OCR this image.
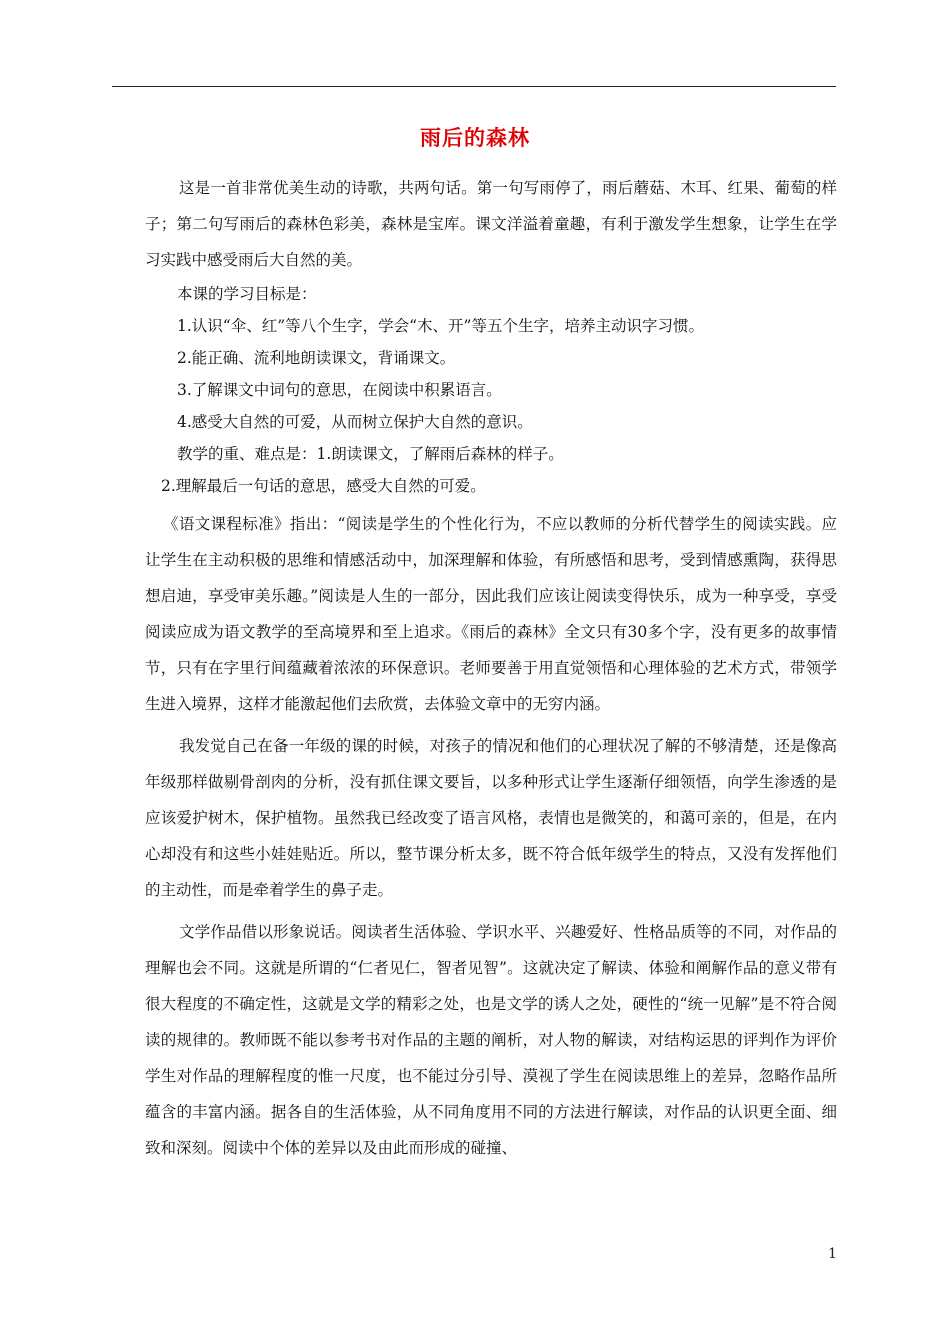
雨后的森林

这是一首非常优美生动的诗歌，共两句话。第一句写雨停了，雨后蘑菇、木耳、红果、葡萄的样子；第二句写雨后的森林色彩美，森林是宝库。课文洋溢着童趣，有利于激发学生想象，让学生在学习实践中感受雨后大自然的美。

本课的学习目标是：

1.认识“伞、红”等八个生字，学会“木、开”等五个生字，培养主动识字习惯。

2.能正确、流利地朗读课文，背诵课文。

3.了解课文中词句的意思，在阅读中积累语言。

4.感受大自然的可爱，从而树立保护大自然的意识。

教学的重、难点是：1.朗读课文，了解雨后森林的样子。

2.理解最后一句话的意思，感受大自然的可爱。

《语文课程标准》指出：“阅读是学生的个性化行为，不应以教师的分析代替学生的阅读实践。应让学生在主动积极的思维和情感活动中，加深理解和体验，有所感悟和思考，受到情感熏陶，获得思想启迪，享受审美乐趣。”阅读是人生的一部分，因此我们应该让阅读变得快乐，成为一种享受，享受阅读应成为语文教学的至高境界和至上追求。《雨后的森林》全文只有30多个字，没有更多的故事情节，只有在字里行间蕴藏着浓浓的环保意识。老师要善于用直觉领悟和心理体验的艺术方式，带领学生进入境界，这样才能激起他们去欣赏，去体验文章中的无穷内涵。

我发觉自己在备一年级的课的时候，对孩子的情况和他们的心理状况了解的不够清楚，还是像高年级那样做剔骨剖肉的分析，没有抓住课文要旨，以多种形式让学生逐渐仔细领悟，向学生渗透的是应该爱护树木，保护植物。虽然我已经改变了语言风格，表情也是微笑的，和蔼可亲的，但是，在内心却没有和这些小娃娃贴近。所以，整节课分析太多，既不符合低年级学生的特点，又没有发挥他们的主动性，而是牵着学生的鼻子走。

文学作品借以形象说话。阅读者生活体验、学识水平、兴趣爱好、性格品质等的不同，对作品的理解也会不同。这就是所谓的“仁者见仁，智者见智”。这就决定了解读、体验和阐解作品的意义带有很大程度的不确定性，这就是文学的精彩之处，也是文学的诱人之处，硬性的“统一见解”是不符合阅读的规律的。教师既不能以参考书对作品的主题的阐析，对人物的解读，对结构运思的评判作为评价学生对作品的理解程度的惟一尺度，也不能过分引导、漠视了学生在阅读思维上的差异，忽略作品所蕴含的丰富内涵。据各自的生活体验，从不同角度用不同的方法进行解读，对作品的认识更全面、细致和深刻。阅读中个体的差异以及由此而形成的碰撞、

1
